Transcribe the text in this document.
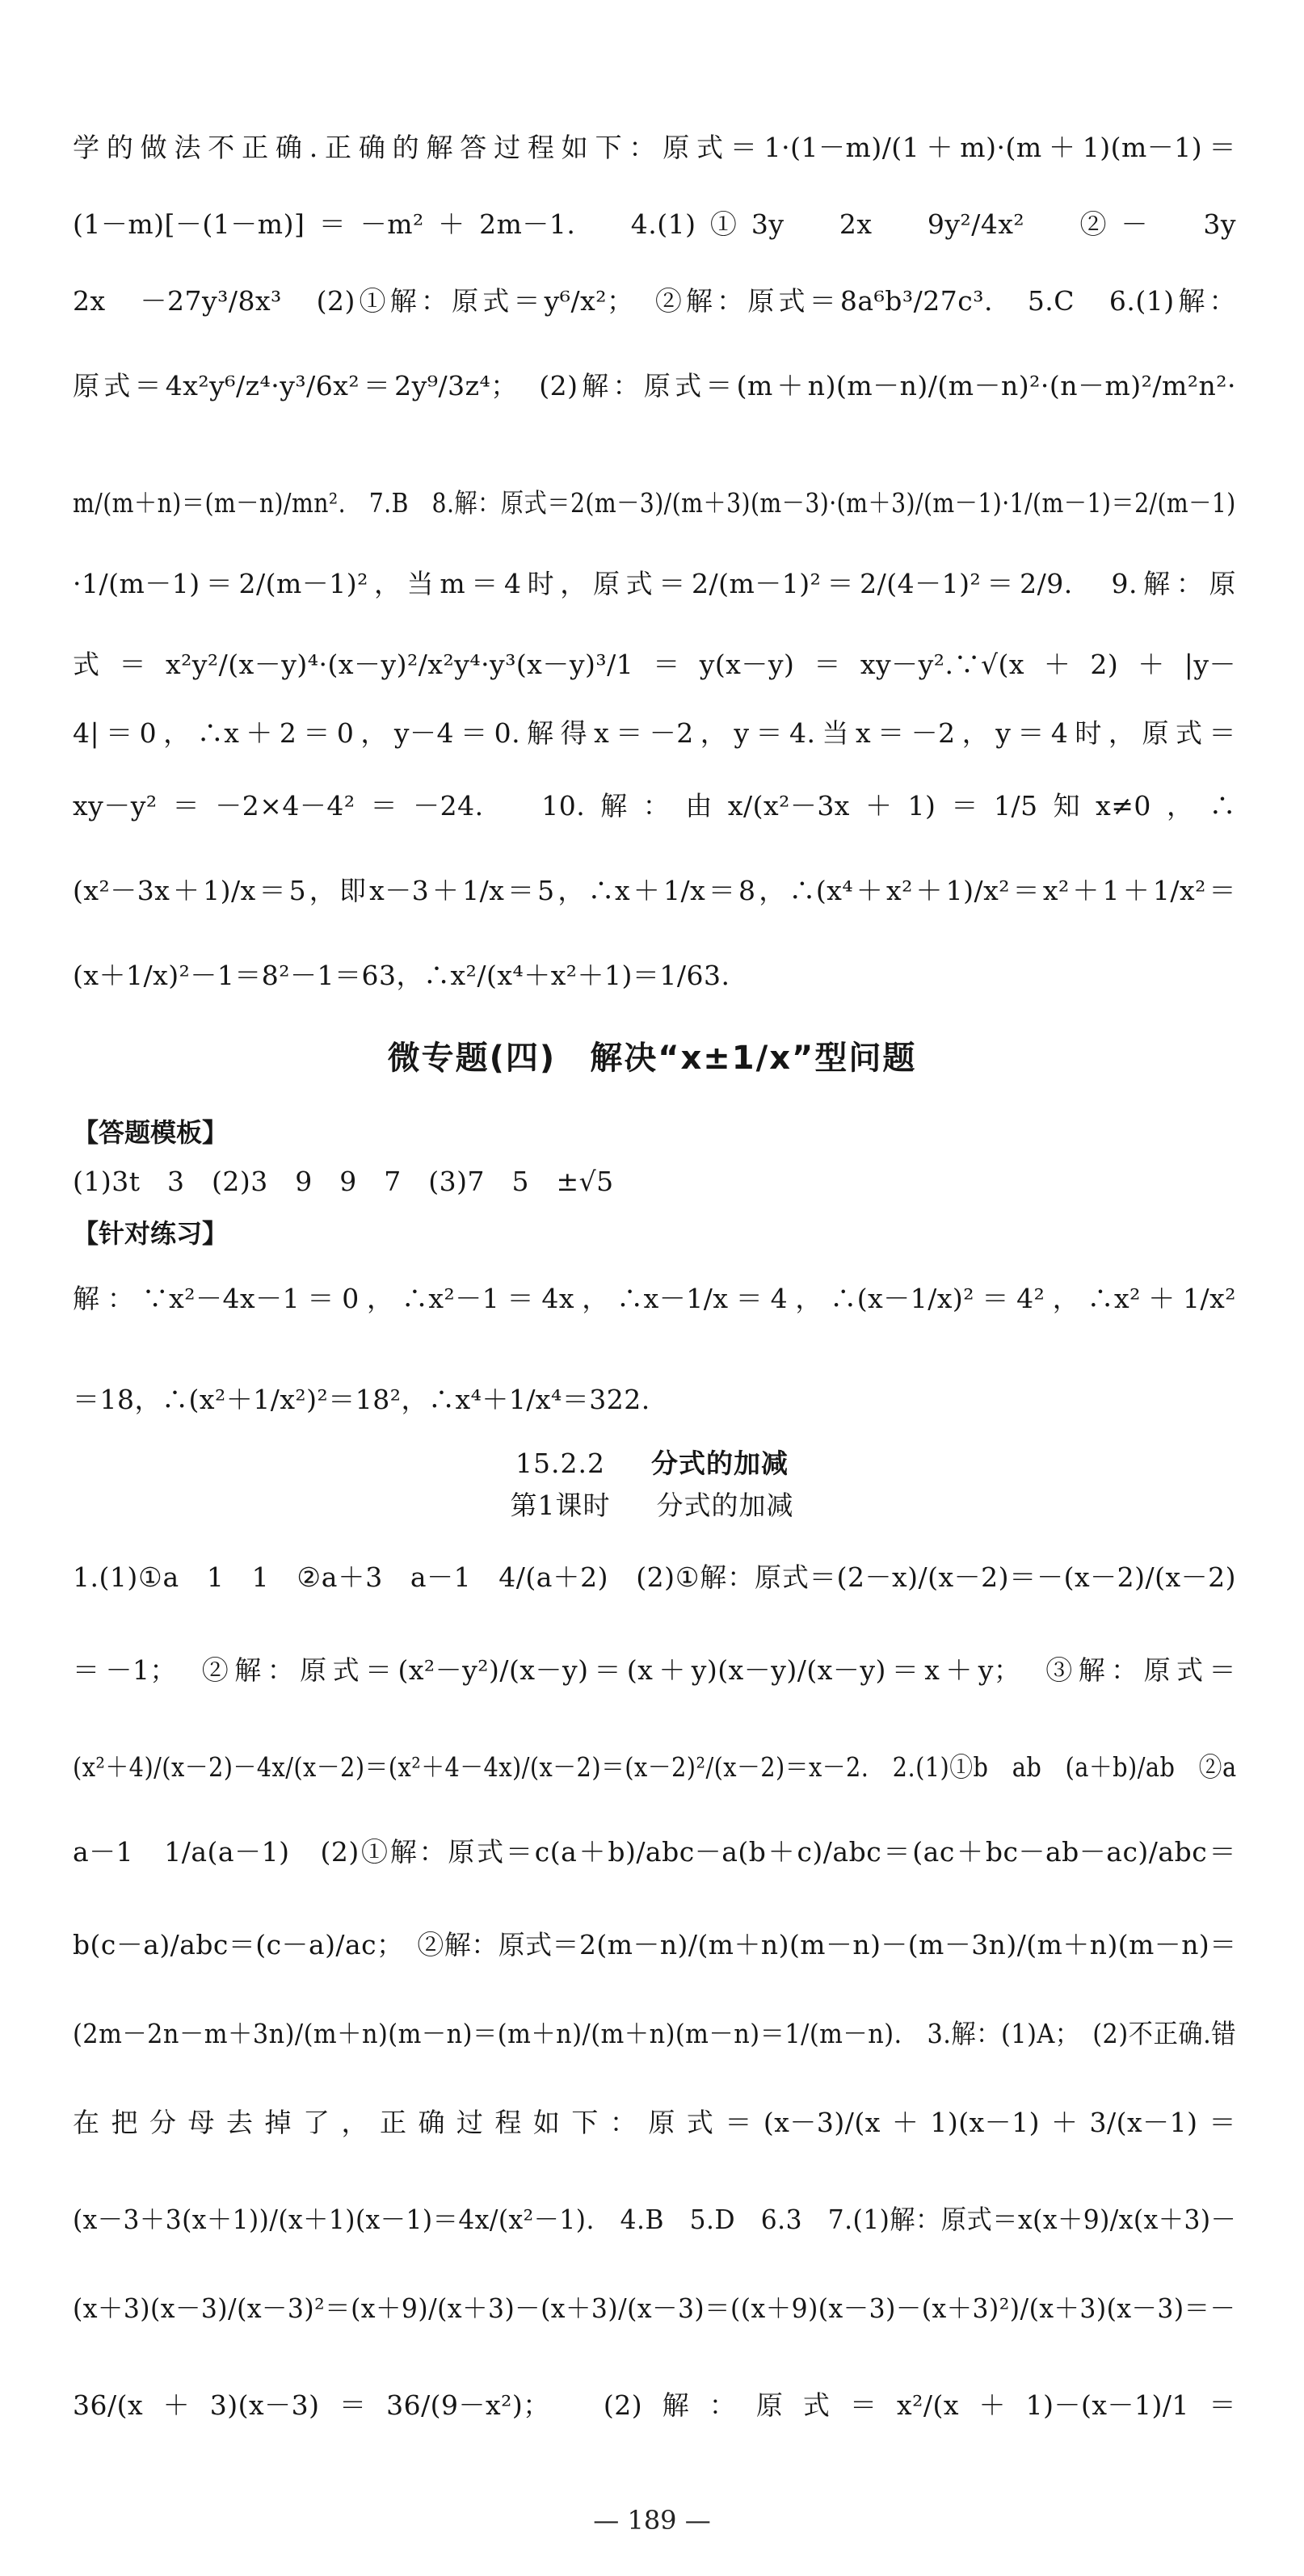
学的做法不正确.正确的解答过程如下：原式＝1·(1－m)/(1＋m)·(m＋1)(m－1)＝
(1－m)[－(1－m)]＝－m²＋2m－1.　4.(1)①3y　2x　9y²/4x²　②－　3y
2x　－27y³/8x³　(2)①解：原式＝y⁶/x²；　②解：原式＝8a⁶b³/27c³.　5.C　6.(1)解：
原式＝4x²y⁶/z⁴·y³/6x²＝2y⁹/3z⁴；　(2)解：原式＝(m＋n)(m－n)/(m－n)²·(n－m)²/m²n²·
m/(m＋n)＝(m－n)/mn².　7.B　8.解：原式＝2(m－3)/(m＋3)(m－3)·(m＋3)/(m－1)·1/(m－1)＝2/(m－1)
·1/(m－1)＝2/(m－1)²，当m＝4时，原式＝2/(m－1)²＝2/(4－1)²＝2/9.　9.解：原
式＝x²y²/(x－y)⁴·(x－y)²/x²y⁴·y³(x－y)³/1＝y(x－y)＝xy－y².∵√(x＋2)＋|y－
4|＝0，∴x＋2＝0，y－4＝0.解得x＝－2，y＝4.当x＝－2，y＝4时，原式＝
xy－y²＝－2×4－4²＝－24.　10.解：由x/(x²－3x＋1)＝1/5知x≠0，∴
(x²－3x＋1)/x＝5，即x－3＋1/x＝5，∴x＋1/x＝8，∴(x⁴＋x²＋1)/x²＝x²＋1＋1/x²＝
(x＋1/x)²－1＝8²－1＝63，∴x²/(x⁴＋x²＋1)＝1/63.
微专题(四)　解决“x±1/x”型问题
【答题模板】
(1)3t　3　(2)3　9　9　7　(3)7　5　±√5
【针对练习】
解：∵x²－4x－1＝0，∴x²－1＝4x，∴x－1/x＝4，∴(x－1/x)²＝4²，∴x²＋1/x²
＝18，∴(x²＋1/x²)²＝18²，∴x⁴＋1/x⁴＝322.
15.2.2 　 分式的加减
第1课时 　 分式的加减
1.(1)①a　1　1　②a＋3　a－1　4/(a＋2)　(2)①解：原式＝(2－x)/(x－2)＝－(x－2)/(x－2)
＝－1；　②解：原式＝(x²－y²)/(x－y)＝(x＋y)(x－y)/(x－y)＝x＋y；　③解：原式＝
(x²＋4)/(x－2)－4x/(x－2)＝(x²＋4－4x)/(x－2)＝(x－2)²/(x－2)＝x－2.　2.(1)①b　ab　(a＋b)/ab　②a
a－1　1/a(a－1)　(2)①解：原式＝c(a＋b)/abc－a(b＋c)/abc＝(ac＋bc－ab－ac)/abc＝
b(c－a)/abc＝(c－a)/ac；　②解：原式＝2(m－n)/(m＋n)(m－n)－(m－3n)/(m＋n)(m－n)＝
(2m－2n－m＋3n)/(m＋n)(m－n)＝(m＋n)/(m＋n)(m－n)＝1/(m－n).　3.解：(1)A；　(2)不正确.错
在把分母去掉了，正确过程如下：原式＝(x－3)/(x＋1)(x－1)＋3/(x－1)＝
(x－3＋3(x＋1))/(x＋1)(x－1)＝4x/(x²－1).　4.B　5.D　6.3　7.(1)解：原式＝x(x＋9)/x(x＋3)－
(x＋3)(x－3)/(x－3)²＝(x＋9)/(x＋3)－(x＋3)/(x－3)＝((x＋9)(x－3)－(x＋3)²)/(x＋3)(x－3)＝－
36/(x＋3)(x－3)＝36/(9－x²)；　(2)解：原式＝x²/(x＋1)－(x－1)/1＝
— 189 —
